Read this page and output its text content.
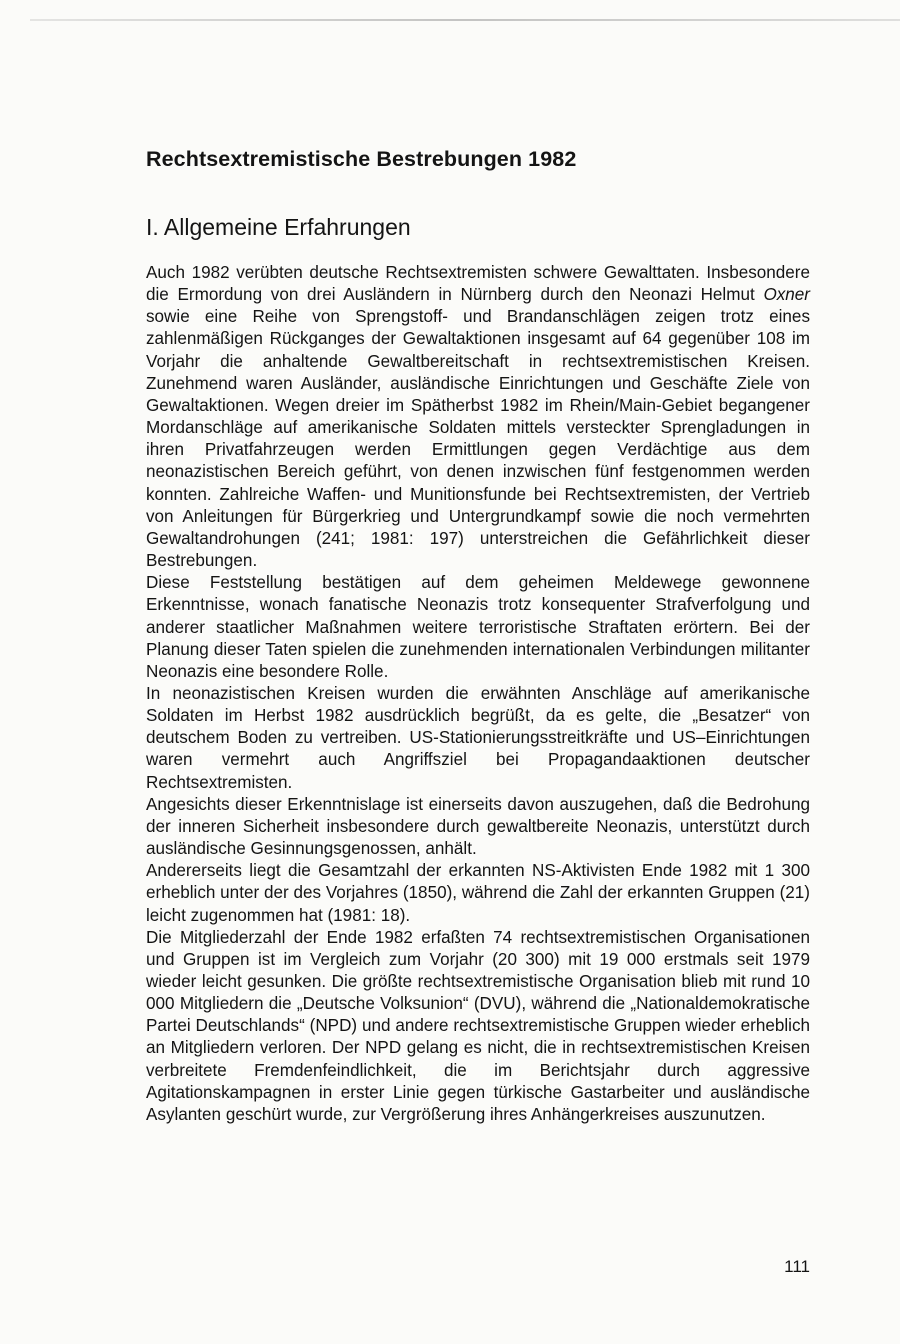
Rechtsextremistische Bestrebungen 1982
I. Allgemeine Erfahrungen

Auch 1982 verübten deutsche Rechtsextremisten schwere Gewalttaten. Insbesondere die Ermordung von drei Ausländern in Nürnberg durch den Neonazi Helmut Oxner sowie eine Reihe von Sprengstoff- und Brandanschlägen zeigen trotz eines zahlenmäßigen Rückganges der Gewaltaktionen insgesamt auf 64 gegenüber 108 im Vorjahr die anhaltende Gewaltbereitschaft in rechtsextremistischen Kreisen. Zunehmend waren Ausländer, ausländische Einrichtungen und Geschäfte Ziele von Gewaltaktionen. Wegen dreier im Spätherbst 1982 im Rhein/Main-Gebiet begangener Mordanschläge auf amerikanische Soldaten mittels versteckter Sprengladungen in ihren Privatfahrzeugen werden Ermittlungen gegen Verdächtige aus dem neonazistischen Bereich geführt, von denen inzwischen fünf festgenommen werden konnten. Zahlreiche Waffen- und Munitionsfunde bei Rechtsextremisten, der Vertrieb von Anleitungen für Bürgerkrieg und Untergrundkampf sowie die noch vermehrten Gewaltandrohungen (241; 1981: 197) unterstreichen die Gefährlichkeit dieser Bestrebungen.

Diese Feststellung bestätigen auf dem geheimen Meldewege gewonnene Erkenntnisse, wonach fanatische Neonazis trotz konsequenter Strafverfolgung und anderer staatlicher Maßnahmen weitere terroristische Straftaten erörtern. Bei der Planung dieser Taten spielen die zunehmenden internationalen Verbindungen militanter Neonazis eine besondere Rolle.

In neonazistischen Kreisen wurden die erwähnten Anschläge auf amerikanische Soldaten im Herbst 1982 ausdrücklich begrüßt, da es gelte, die „Besatzer“ von deutschem Boden zu vertreiben. US-Stationierungsstreitkräfte und US–Einrichtungen waren vermehrt auch Angriffsziel bei Propagandaaktionen deutscher Rechtsextremisten.

Angesichts dieser Erkenntnislage ist einerseits davon auszugehen, daß die Bedrohung der inneren Sicherheit insbesondere durch gewaltbereite Neonazis, unterstützt durch ausländische Gesinnungsgenossen, anhält.

Andererseits liegt die Gesamtzahl der erkannten NS-Aktivisten Ende 1982 mit 1 300 erheblich unter der des Vorjahres (1850), während die Zahl der erkannten Gruppen (21) leicht zugenommen hat (1981: 18).

Die Mitgliederzahl der Ende 1982 erfaßten 74 rechtsextremistischen Organisationen und Gruppen ist im Vergleich zum Vorjahr (20 300) mit 19 000 erstmals seit 1979 wieder leicht gesunken. Die größte rechtsextremistische Organisation blieb mit rund 10 000 Mitgliedern die „Deutsche Volksunion“ (DVU), während die „Nationaldemokratische Partei Deutschlands“ (NPD) und andere rechtsextremistische Gruppen wieder erheblich an Mitgliedern verloren. Der NPD gelang es nicht, die in rechtsextremistischen Kreisen verbreitete Fremdenfeindlichkeit, die im Berichtsjahr durch aggressive Agitationskampagnen in erster Linie gegen türkische Gastarbeiter und ausländische Asylanten geschürt wurde, zur Vergrößerung ihres Anhängerkreises auszunutzen.

111
